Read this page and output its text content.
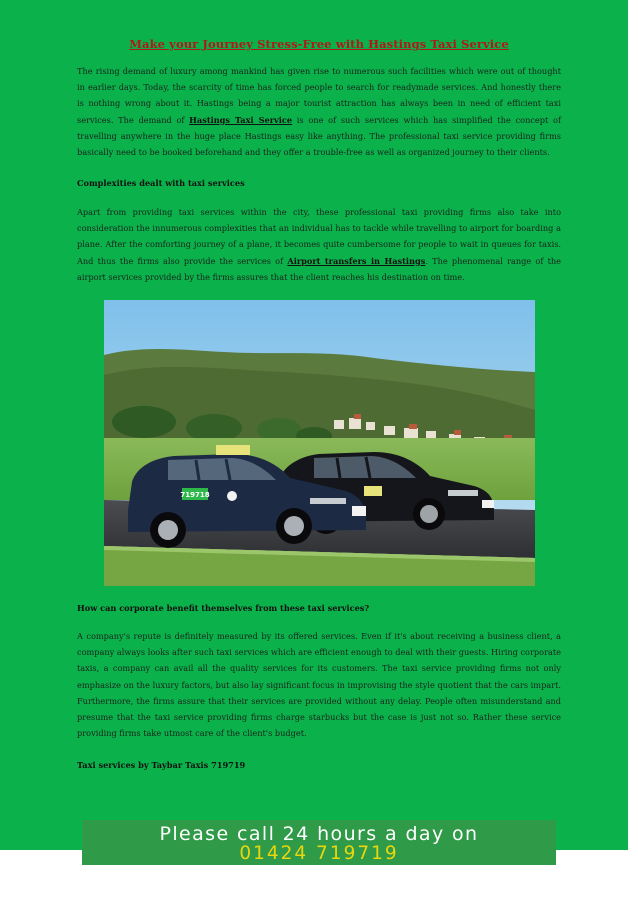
Make your Journey Stress-Free with Hastings Taxi Service
The rising demand of luxury among mankind has given rise to numerous such facilities which were out of thought in earlier days. Today, the scarcity of time has forced people to search for readymade services. And honestly there is nothing wrong about it. Hastings being a major tourist attraction has always been in need of efficient taxi services. The demand of Hastings Taxi Service is one of such services which has simplified the concept of travelling anywhere in the huge place Hastings easy like anything. The professional taxi service providing firms basically need to be booked beforehand and they offer a trouble-free as well as organized journey to their clients.
Complexities dealt with taxi services
Apart from providing taxi services within the city, these professional taxi providing firms also take into consideration the innumerous complexities that an individual has to tackle while travelling to airport for boarding a plane. After the comforting journey of a plane, it becomes quite cumbersome for people to wait in queues for taxis. And thus the firms also provide the services of Airport transfers in Hastings. The phenomenal range of the airport services provided by the firms assures that the client reaches his destination on time.
719718
How can corporate benefit themselves from these taxi services?
A company's repute is definitely measured by its offered services. Even if it's about receiving a business client, a company always looks after such taxi services which are efficient enough to deal with their guests. Hiring corporate taxis, a company can avail all the quality services for its customers. The taxi service providing firms not only emphasize on the luxury factors, but also lay significant focus in improvising the style quotient that the cars impart. Furthermore, the firms assure that their services are provided without any delay. People often misunderstand and presume that the taxi service providing firms charge starbucks but the case is just not so. Rather these service providing firms take utmost care of the client's budget.
Taxi services by Taybar Taxis 719719
Please call 24 hours a day on
01424 719719
